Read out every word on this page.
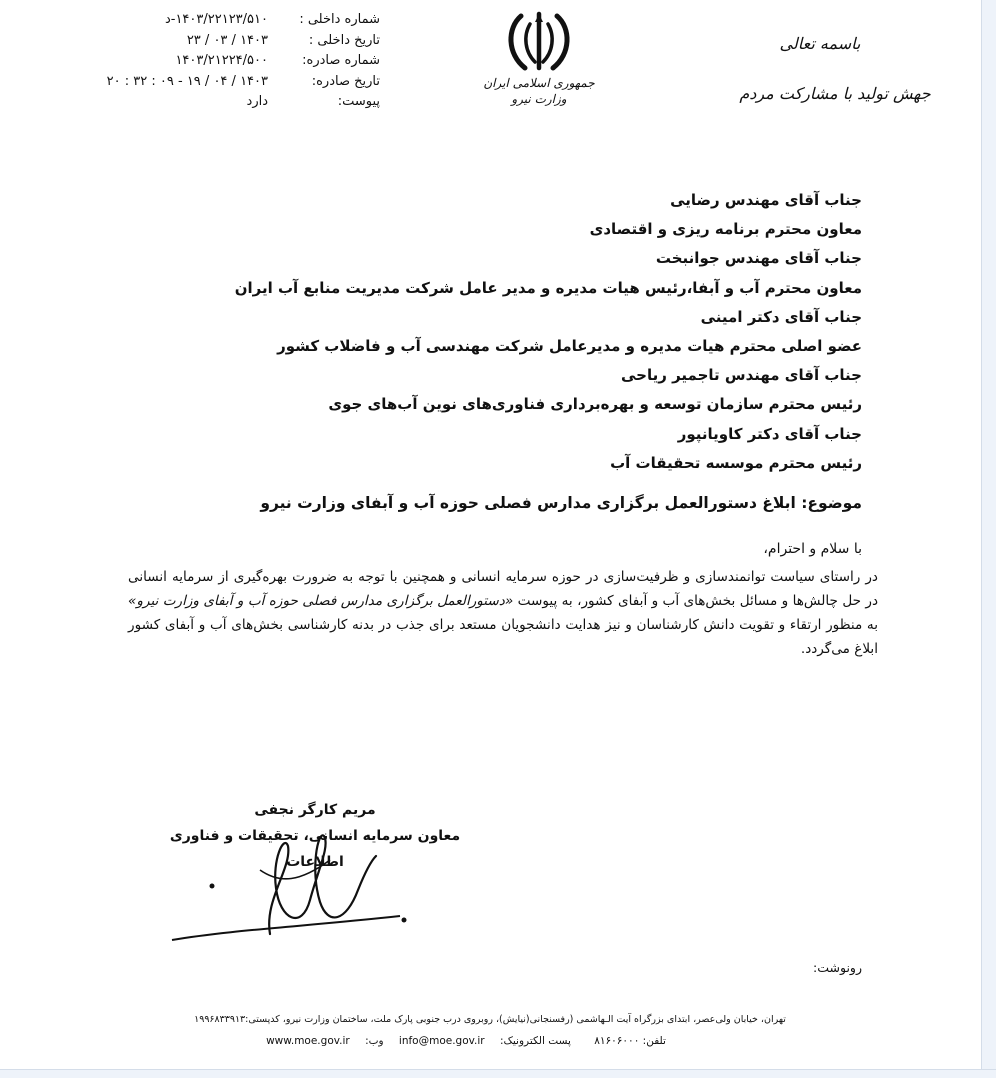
شماره داخلی :
۱۴۰۳/۲۲۱۲۳/۵۱۰-د
تاریخ داخلی :
۱۴۰۳ / ۰۳ / ۲۳
شماره صادره:
۱۴۰۳/۲۱۲۲۴/۵۰۰
تاریخ صادره:
۱۴۰۳ / ۰۴ / ۱۹ - ۰۹ : ۳۲ : ۲۰
پیوست:
دارد
جمهوری اسلامی ایران
وزارت نیرو
باسمه تعالی
جهش تولید با مشارکت مردم
جناب آقای مهندس رضایی
معاون محترم برنامه ریزی و اقتصادی
جناب آقای مهندس جوانبخت
معاون محترم آب و آبفا،رئیس هیات مدیره و مدیر عامل شرکت مدیریت منابع آب ایران
جناب آقای دکتر امینی
عضو اصلی محترم هیات مدیره و مدیرعامل شرکت مهندسی آب و فاضلاب کشور
جناب آقای مهندس تاجمیر ریاحی
رئیس محترم سازمان توسعه و بهره‌برداری فناوری‌های نوین آب‌های جوی
جناب آقای دکتر کاویانپور
رئیس محترم موسسه تحقیقات آب
موضوع: ابلاغ دستورالعمل برگزاری مدارس فصلی حوزه آب و آبفای وزارت نیرو
با سلام و احترام،
در راستای سیاست توانمندسازی و ظرفیت‌سازی در حوزه سرمایه انسانی و همچنین با توجه به ضرورت بهره‌گیری از سرمایه انسانی در حل چالش‌ها و مسائل بخش‌های آب و آبفای کشور، به پیوست «دستورالعمل برگزاری مدارس فصلی حوزه آب و آبفای وزارت نیرو» به منظور ارتقاء و تقویت دانش کارشناسان و نیز هدایت دانشجویان مستعد برای جذب در بدنه کارشناسی بخش‌های آب و آبفای کشور ابلاغ می‌گردد.
مریم کارگر نجفی
معاون سرمایه انسانی، تحقیقات و فناوری
اطلاعات
رونوشت:
تهران، خیابان ولی‌عصر، ابتدای بزرگراه آیت الـهاشمی (رفسنجانی(نیایش)، روبروی درب جنوبی پارک ملت، ساختمان وزارت نیرو، کدپستی:۱۹۹۶۸۳۳۹۱۳
تلفن: ۸۱۶۰۶۰۰۰ پست الکترونیک: info@moe.gov.ir وب: www.moe.gov.ir
